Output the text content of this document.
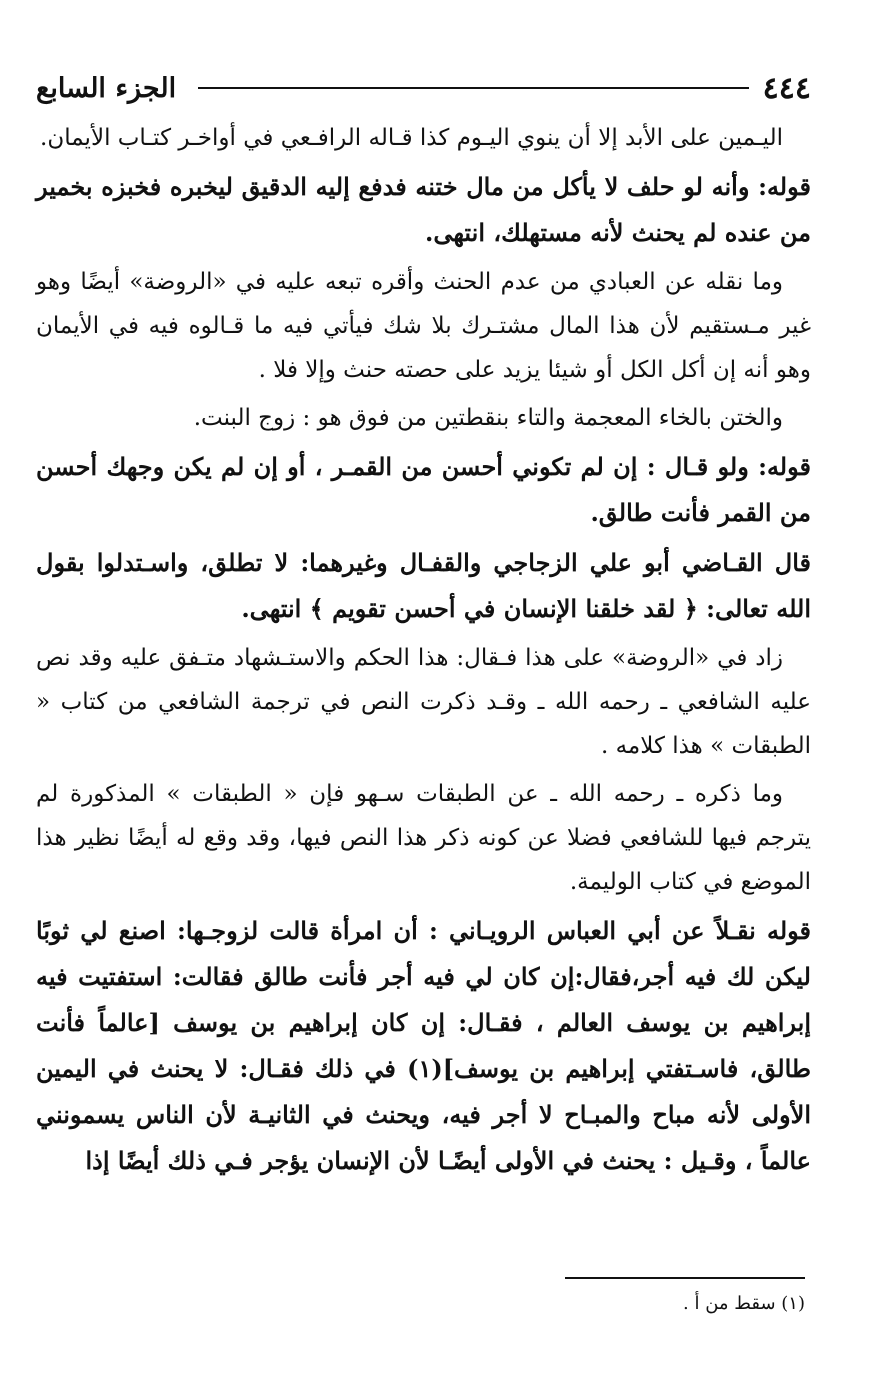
٤٤٤
الجزء السابع

اليـمين على الأبد إلا أن ينوي اليـوم كذا قـاله الرافـعي في أواخـر كتـاب الأيمان.

قوله: وأنه لو حلف لا يأكل من مال ختنه فدفع إليه الدقيق ليخبره فخبزه بخمير من عنده لم يحنث لأنه مستهلك، انتهى.

وما نقله عن العبادي من عدم الحنث وأقره تبعه عليه في «الروضة» أيضًا وهو غير مـستقيم لأن هذا المال مشتـرك بلا شك فيأتي فيه ما قـالوه فيه في الأيمان وهو أنه إن أكل الكل أو شيئا يزيد على حصته حنث وإلا فلا .

والختن بالخاء المعجمة والتاء بنقطتين من فوق هو : زوج البنت.

قوله: ولو قـال : إن لم تكوني أحسن من القمـر ، أو إن لم يكن وجهك أحسن من القمر فأنت طالق.

قال القـاضي أبو علي الزجاجي والقفـال وغيرهما: لا تطلق، واسـتدلوا بقول الله تعالى: ﴿ لقد خلقنا الإنسان في أحسن تقويم ﴾ انتهى.

زاد في «الروضة» على هذا فـقال: هذا الحكم والاستـشهاد متـفق عليه وقد نص عليه الشافعي ـ رحمه الله ـ وقـد ذكرت النص في ترجمة الشافعي من كتاب « الطبقات » هذا كلامه .

وما ذكره ـ رحمه الله ـ عن الطبقات سـهو فإن « الطبقات » المذكورة لم يترجم فيها للشافعي فضلا عن كونه ذكر هذا النص فيها، وقد وقع له أيضًا نظير هذا الموضع في كتاب الوليمة.

قوله نقـلاً عن أبي العباس الرويـاني : أن امرأة قالت لزوجـها: اصنع لي ثوبًا ليكن لك فيه أجر،فقال:إن كان لي فيه أجر فأنت طالق فقالت: استفتيت فيه إبراهيم بن يوسف العالم ، فقـال: إن كان إبراهيم بن يوسف [عالماً فأنت طالق، فاسـتفتي إبراهيم بن يوسف](١) في ذلك فقـال: لا يحنث في اليمين الأولى لأنه مباح والمبـاح لا أجر فيه، ويحنث في الثانيـة لأن الناس يسمونني عالماً ، وقـيل : يحنث في الأولى أيضًـا لأن الإنسان يؤجر فـي ذلك أيضًا إذا

(١) سقط من أ .
